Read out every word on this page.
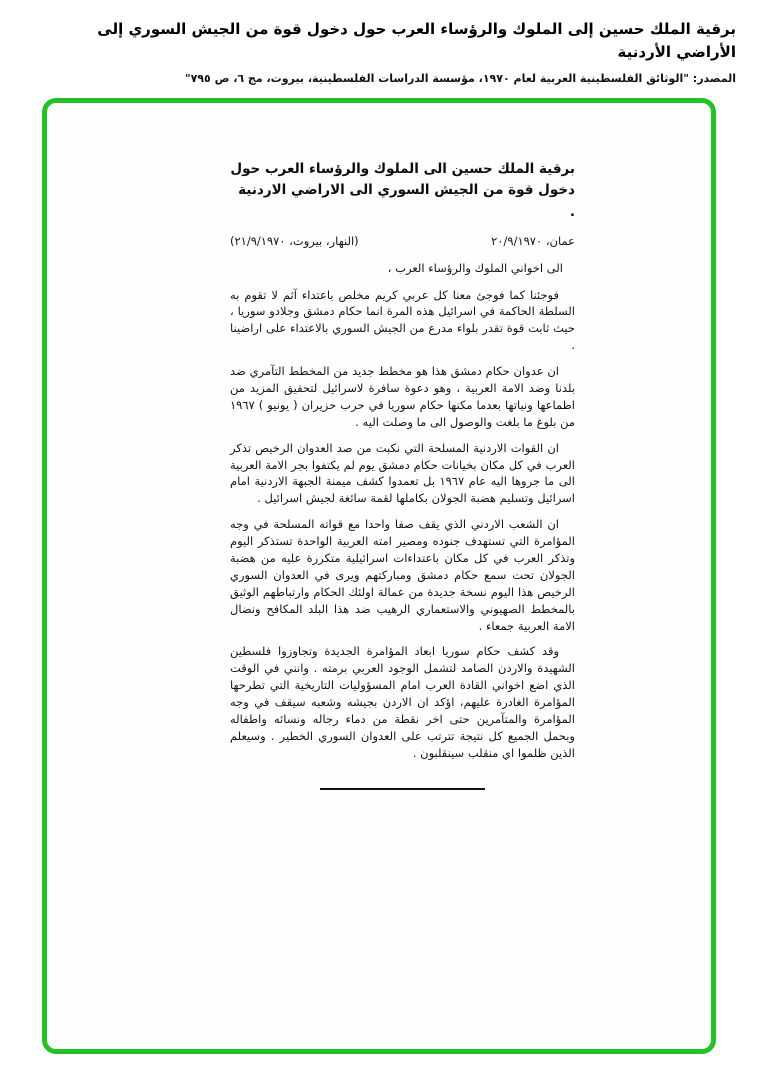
برقية الملك حسين إلى الملوك والرؤساء العرب حول دخول قوة من الجيش السوري إلى الأراضي الأردنية
المصدر: "الوثائق الفلسطينية العربية لعام ١٩٧٠، مؤسسة الدراسات الفلسطينية، بيروت، مج ٦، ص ٧٩٥"
برقية الملك حسين الى الملوك والرؤساء العرب حول دخول قوة من الجيش السوري الى الاراضي الاردنية .
عمان، ٢٠/٩/١٩٧٠
(النهار، بيروت، ٢١/٩/١٩٧٠)

الى اخواني الملوك والرؤساء العرب ،

فوجئنا كما فوجئ معنا كل عربي كريم مخلص باعتداء آثم لا تقوم به السلطة الحاكمة في اسرائيل هذه المرة انما حكام دمشق وجلادو سوريا ، حيث ثابت قوة تقدر بلواء مدرع من الجيش السوري بالاعتداء على اراضينا .

ان عدوان حكام دمشق هذا هو مخطط جديد من المخطط التآمري ضد بلدنا وضد الامة العربية ، وهو دعوة سافرة لاسرائيل لتحقيق المزيد من اطماعها ونياتها بعدما مكنها حكام سوريا في حرب حزيران ( يونيو ) ١٩٦٧ من بلوغ ما بلغت والوصول الى ما وصلت اليه .

ان القوات الاردنية المسلحة التي نكبت من صد العدوان الرخيص تذكر العرب في كل مكان بخيانات حكام دمشق يوم لم يكتفوا بجر الامة العربية الى ما جروها اليه عام ١٩٦٧ بل تعمدوا كشف ميمنة الجبهة الاردنية امام اسرائيل وتسليم هضبة الجولان بكاملها لقمة سائغة لجيش اسرائيل .

ان الشعب الاردني الذي يقف صفا واحدا مع قواته المسلحة في وجه المؤامرة التي تستهدف جنوده ومصير امته العربية الواحدة تستذكر اليوم وتذكر العرب في كل مكان باعتداءات اسرائيلية متكررة عليه من هضبة الجولان تحت سمع حكام دمشق ومباركتهم ويرى في العدوان السوري الرخيص هذا اليوم نسخة جديدة من عمالة اولئك الحكام وارتباطهم الوثيق بالمخطط الصهيوني والاستعماري الرهيب ضد هذا البلد المكافح ونضال الامة العربية جمعاء .

وقد كشف حكام سوريا ابعاد المؤامرة الجديدة وتجاوزوا فلسطين الشهيدة والاردن الصامد لتشمل الوجود العربي برمته . وانني في الوقت الذي اضع اخواني القادة العرب امام المسؤوليات التاريخية التي تطرحها المؤامرة الغادرة عليهم، اؤكد ان الاردن بجيشه وشعبه سيقف في وجه المؤامرة والمتآمرين حتى اخر نقطة من دماء رجاله ونسائه واطفاله وبحمل الجميع كل نتيجة تترتب على العدوان السوري الخطير . وسيعلم الذين ظلموا اي منقلب سينقلبون .
